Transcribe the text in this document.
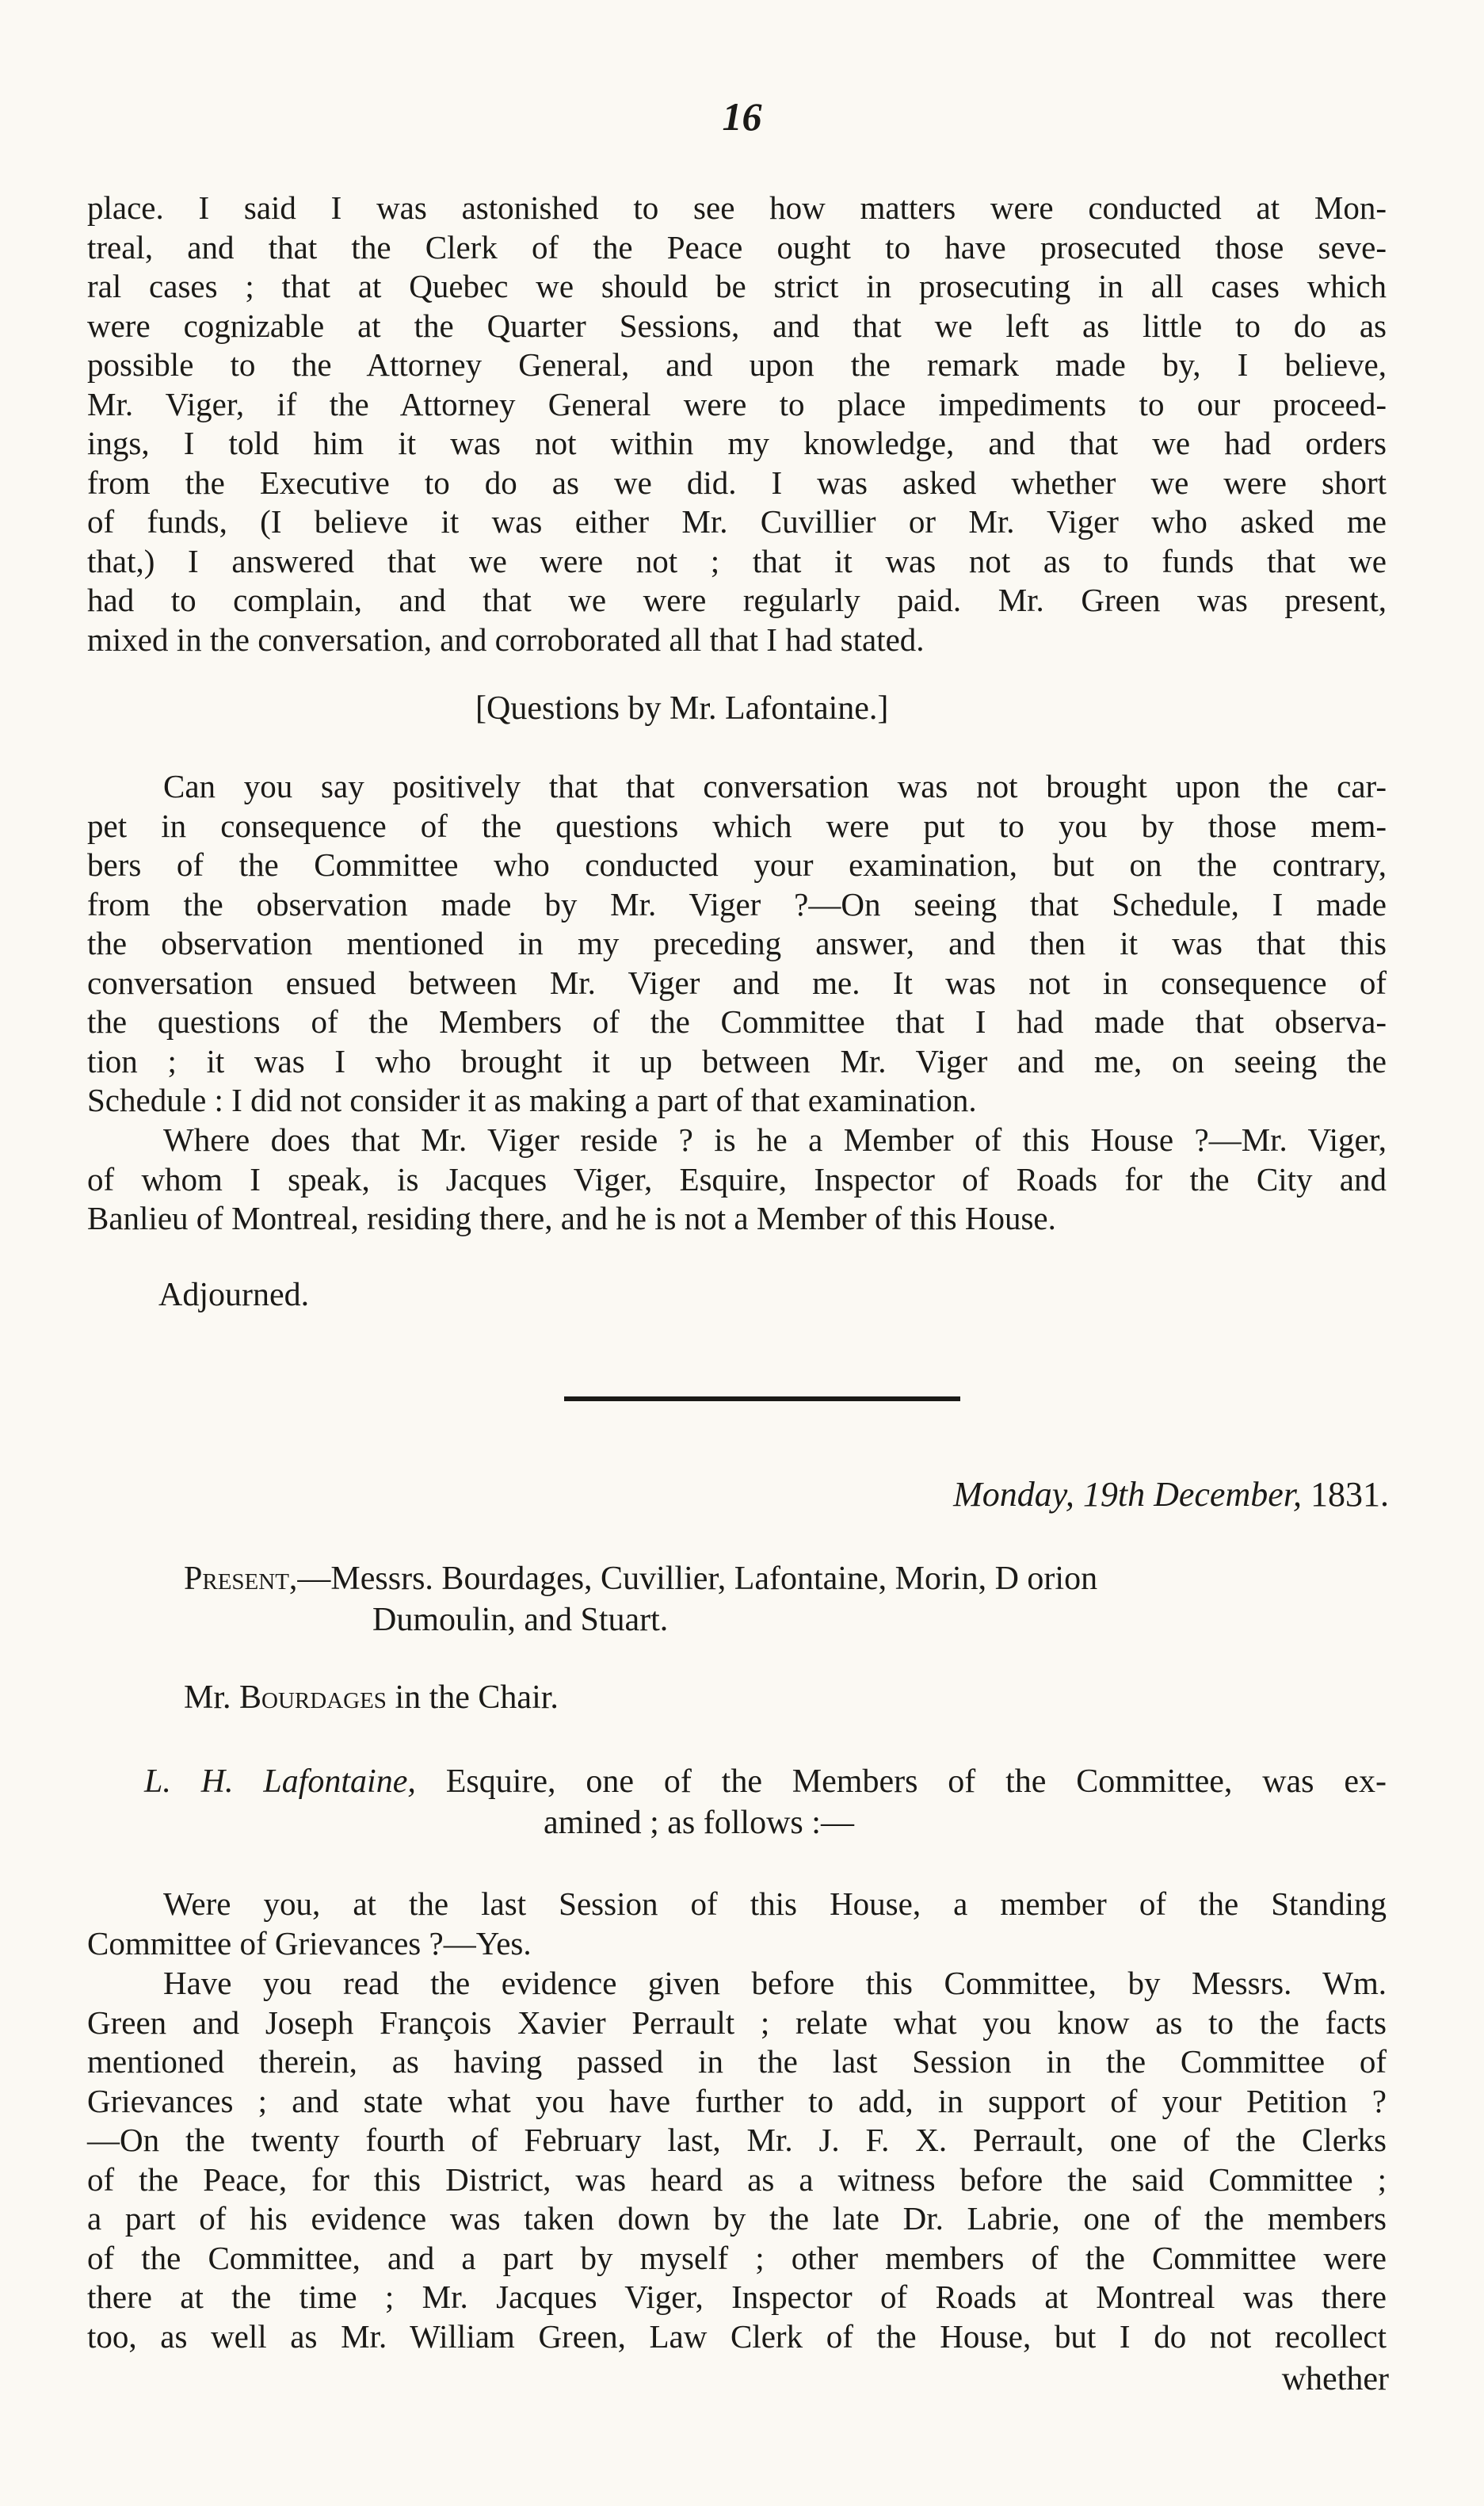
16
place. I said I was astonished to see how matters were conducted at Mon-
treal, and that the Clerk of the Peace ought to have prosecuted those seve-
ral cases ; that at Quebec we should be strict in prosecuting in all cases which
were cognizable at the Quarter Sessions, and that we left as little to do as
possible to the Attorney General, and upon the remark made by, I believe,
Mr. Viger, if the Attorney General were to place impediments to our proceed-
ings, I told him it was not within my knowledge, and that we had orders
from the Executive to do as we did. I was asked whether we were short
of funds, (I believe it was either Mr. Cuvillier or Mr. Viger who asked me
that,) I answered that we were not ; that it was not as to funds that we
had to complain, and that we were regularly paid. Mr. Green was present,
mixed in the conversation, and corroborated all that I had stated.
[Questions by Mr. Lafontaine.]
Can you say positively that that conversation was not brought upon the car-
pet in consequence of the questions which were put to you by those mem-
bers of the Committee who conducted your examination, but on the contrary,
from the observation made by Mr. Viger ?—On seeing that Schedule, I made
the observation mentioned in my preceding answer, and then it was that this
conversation ensued between Mr. Viger and me. It was not in consequence of
the questions of the Members of the Committee that I had made that observa-
tion ; it was I who brought it up between Mr. Viger and me, on seeing the
Schedule : I did not consider it as making a part of that examination.
Where does that Mr. Viger reside ? is he a Member of this House ?—Mr. Viger,
of whom I speak, is Jacques Viger, Esquire, Inspector of Roads for the City and
Banlieu of Montreal, residing there, and he is not a Member of this House.
Adjourned.
Monday, 19th December, 1831.
Present,—Messrs. Bourdages, Cuvillier, Lafontaine, Morin, D orion
Dumoulin, and Stuart.
Mr. Bourdages in the Chair.
L. H. Lafontaine, Esquire, one of the Members of the Committee, was ex-
amined ; as follows :—
Were you, at the last Session of this House, a member of the Standing
Committee of Grievances ?—Yes.
Have you read the evidence given before this Committee, by Messrs. Wm.
Green and Joseph François Xavier Perrault ; relate what you know as to the facts
mentioned therein, as having passed in the last Session in the Committee of
Grievances ; and state what you have further to add, in support of your Petition ?
—On the twenty fourth of February last, Mr. J. F. X. Perrault, one of the Clerks
of the Peace, for this District, was heard as a witness before the said Committee ;
a part of his evidence was taken down by the late Dr. Labrie, one of the members
of the Committee, and a part by myself ; other members of the Committee were
there at the time ; Mr. Jacques Viger, Inspector of Roads at Montreal was there
too, as well as Mr. William Green, Law Clerk of the House, but I do not recollect
whether
